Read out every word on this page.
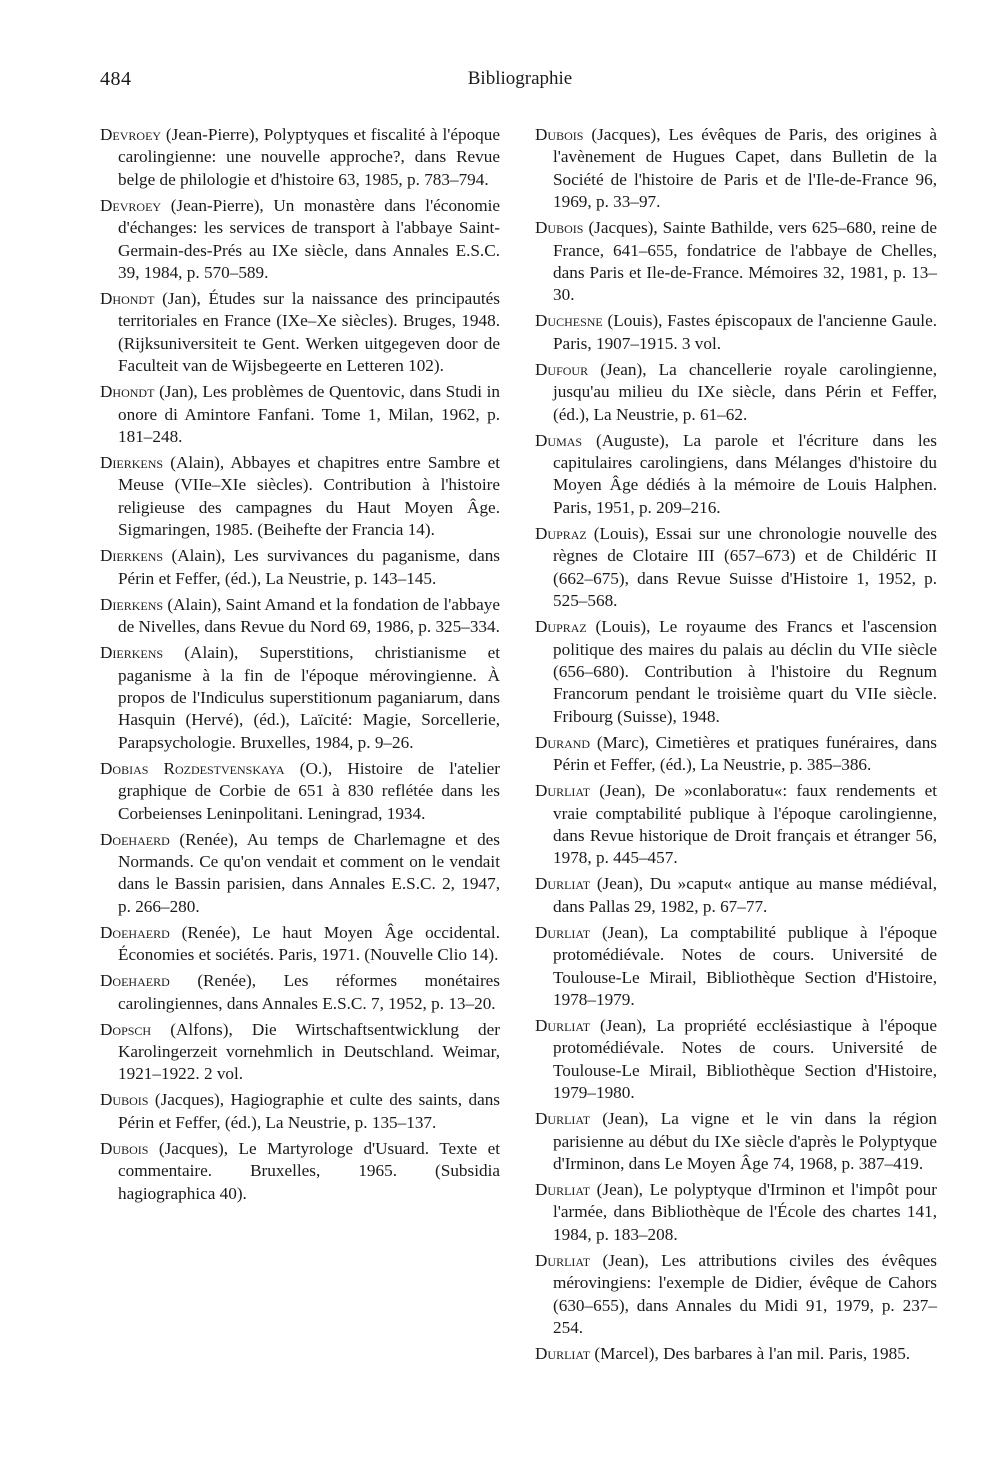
484	Bibliographie

Devroey (Jean-Pierre), Polyptyques et fiscalité à l'époque carolingienne: une nouvelle approche?, dans Revue belge de philologie et d'histoire 63, 1985, p. 783–794.

Devroey (Jean-Pierre), Un monastère dans l'économie d'échanges: les services de transport à l'abbaye Saint-Germain-des-Prés au IXe siècle, dans Annales E.S.C. 39, 1984, p. 570–589.

Dhondt (Jan), Études sur la naissance des principautés territoriales en France (IXe–Xe siècles). Bruges, 1948. (Rijksuniversiteit te Gent. Werken uitgegeven door de Faculteit van de Wijsbegeerte en Letteren 102).

Dhondt (Jan), Les problèmes de Quentovic, dans Studi in onore di Amintore Fanfani. Tome 1, Milan, 1962, p. 181–248.

Dierkens (Alain), Abbayes et chapitres entre Sambre et Meuse (VIIe–XIe siècles). Contribution à l'histoire religieuse des campagnes du Haut Moyen Âge. Sigmaringen, 1985. (Beihefte der Francia 14).

Dierkens (Alain), Les survivances du paganisme, dans Périn et Feffer, (éd.), La Neustrie, p. 143–145.

Dierkens (Alain), Saint Amand et la fondation de l'abbaye de Nivelles, dans Revue du Nord 69, 1986, p. 325–334.

Dierkens (Alain), Superstitions, christianisme et paganisme à la fin de l'époque mérovingienne. À propos de l'Indiculus superstitionum paganiarum, dans Hasquin (Hervé), (éd.), Laïcité: Magie, Sorcellerie, Parapsychologie. Bruxelles, 1984, p. 9–26.

Dobias Rozdestvenskaya (O.), Histoire de l'atelier graphique de Corbie de 651 à 830 reflétée dans les Corbeienses Leninpolitani. Leningrad, 1934.

Doehaerd (Renée), Au temps de Charlemagne et des Normands. Ce qu'on vendait et comment on le vendait dans le Bassin parisien, dans Annales E.S.C. 2, 1947, p. 266–280.

Doehaerd (Renée), Le haut Moyen Âge occidental. Économies et sociétés. Paris, 1971. (Nouvelle Clio 14).

Doehaerd (Renée), Les réformes monétaires carolingiennes, dans Annales E.S.C. 7, 1952, p. 13–20.

Dopsch (Alfons), Die Wirtschaftsentwicklung der Karolingerzeit vornehmlich in Deutschland. Weimar, 1921–1922. 2 vol.

Dubois (Jacques), Hagiographie et culte des saints, dans Périn et Feffer, (éd.), La Neustrie, p. 135–137.

Dubois (Jacques), Le Martyrologe d'Usuard. Texte et commentaire. Bruxelles, 1965. (Subsidia hagiographica 40).

Dubois (Jacques), Les évêques de Paris, des origines à l'avènement de Hugues Capet, dans Bulletin de la Société de l'histoire de Paris et de l'Ile-de-France 96, 1969, p. 33–97.

Dubois (Jacques), Sainte Bathilde, vers 625–680, reine de France, 641–655, fondatrice de l'abbaye de Chelles, dans Paris et Ile-de-France. Mémoires 32, 1981, p. 13–30.

Duchesne (Louis), Fastes épiscopaux de l'ancienne Gaule. Paris, 1907–1915. 3 vol.

Dufour (Jean), La chancellerie royale carolingienne, jusqu'au milieu du IXe siècle, dans Périn et Feffer, (éd.), La Neustrie, p. 61–62.

Dumas (Auguste), La parole et l'écriture dans les capitulaires carolingiens, dans Mélanges d'histoire du Moyen Âge dédiés à la mémoire de Louis Halphen. Paris, 1951, p. 209–216.

Dupraz (Louis), Essai sur une chronologie nouvelle des règnes de Clotaire III (657–673) et de Childéric II (662–675), dans Revue Suisse d'Histoire 1, 1952, p. 525–568.

Dupraz (Louis), Le royaume des Francs et l'ascension politique des maires du palais au déclin du VIIe siècle (656–680). Contribution à l'histoire du Regnum Francorum pendant le troisième quart du VIIe siècle. Fribourg (Suisse), 1948.

Durand (Marc), Cimetières et pratiques funéraires, dans Périn et Feffer, (éd.), La Neustrie, p. 385–386.

Durliat (Jean), De »conlaboratu«: faux rendements et vraie comptabilité publique à l'époque carolingienne, dans Revue historique de Droit français et étranger 56, 1978, p. 445–457.

Durliat (Jean), Du »caput« antique au manse médiéval, dans Pallas 29, 1982, p. 67–77.

Durliat (Jean), La comptabilité publique à l'époque protomédiévale. Notes de cours. Université de Toulouse-Le Mirail, Bibliothèque Section d'Histoire, 1978–1979.

Durliat (Jean), La propriété ecclésiastique à l'époque protomédiévale. Notes de cours. Université de Toulouse-Le Mirail, Bibliothèque Section d'Histoire, 1979–1980.

Durliat (Jean), La vigne et le vin dans la région parisienne au début du IXe siècle d'après le Polyptyque d'Irminon, dans Le Moyen Âge 74, 1968, p. 387–419.

Durliat (Jean), Le polyptyque d'Irminon et l'impôt pour l'armée, dans Bibliothèque de l'École des chartes 141, 1984, p. 183–208.

Durliat (Jean), Les attributions civiles des évêques mérovingiens: l'exemple de Didier, évêque de Cahors (630–655), dans Annales du Midi 91, 1979, p. 237–254.

Durliat (Marcel), Des barbares à l'an mil. Paris, 1985.
